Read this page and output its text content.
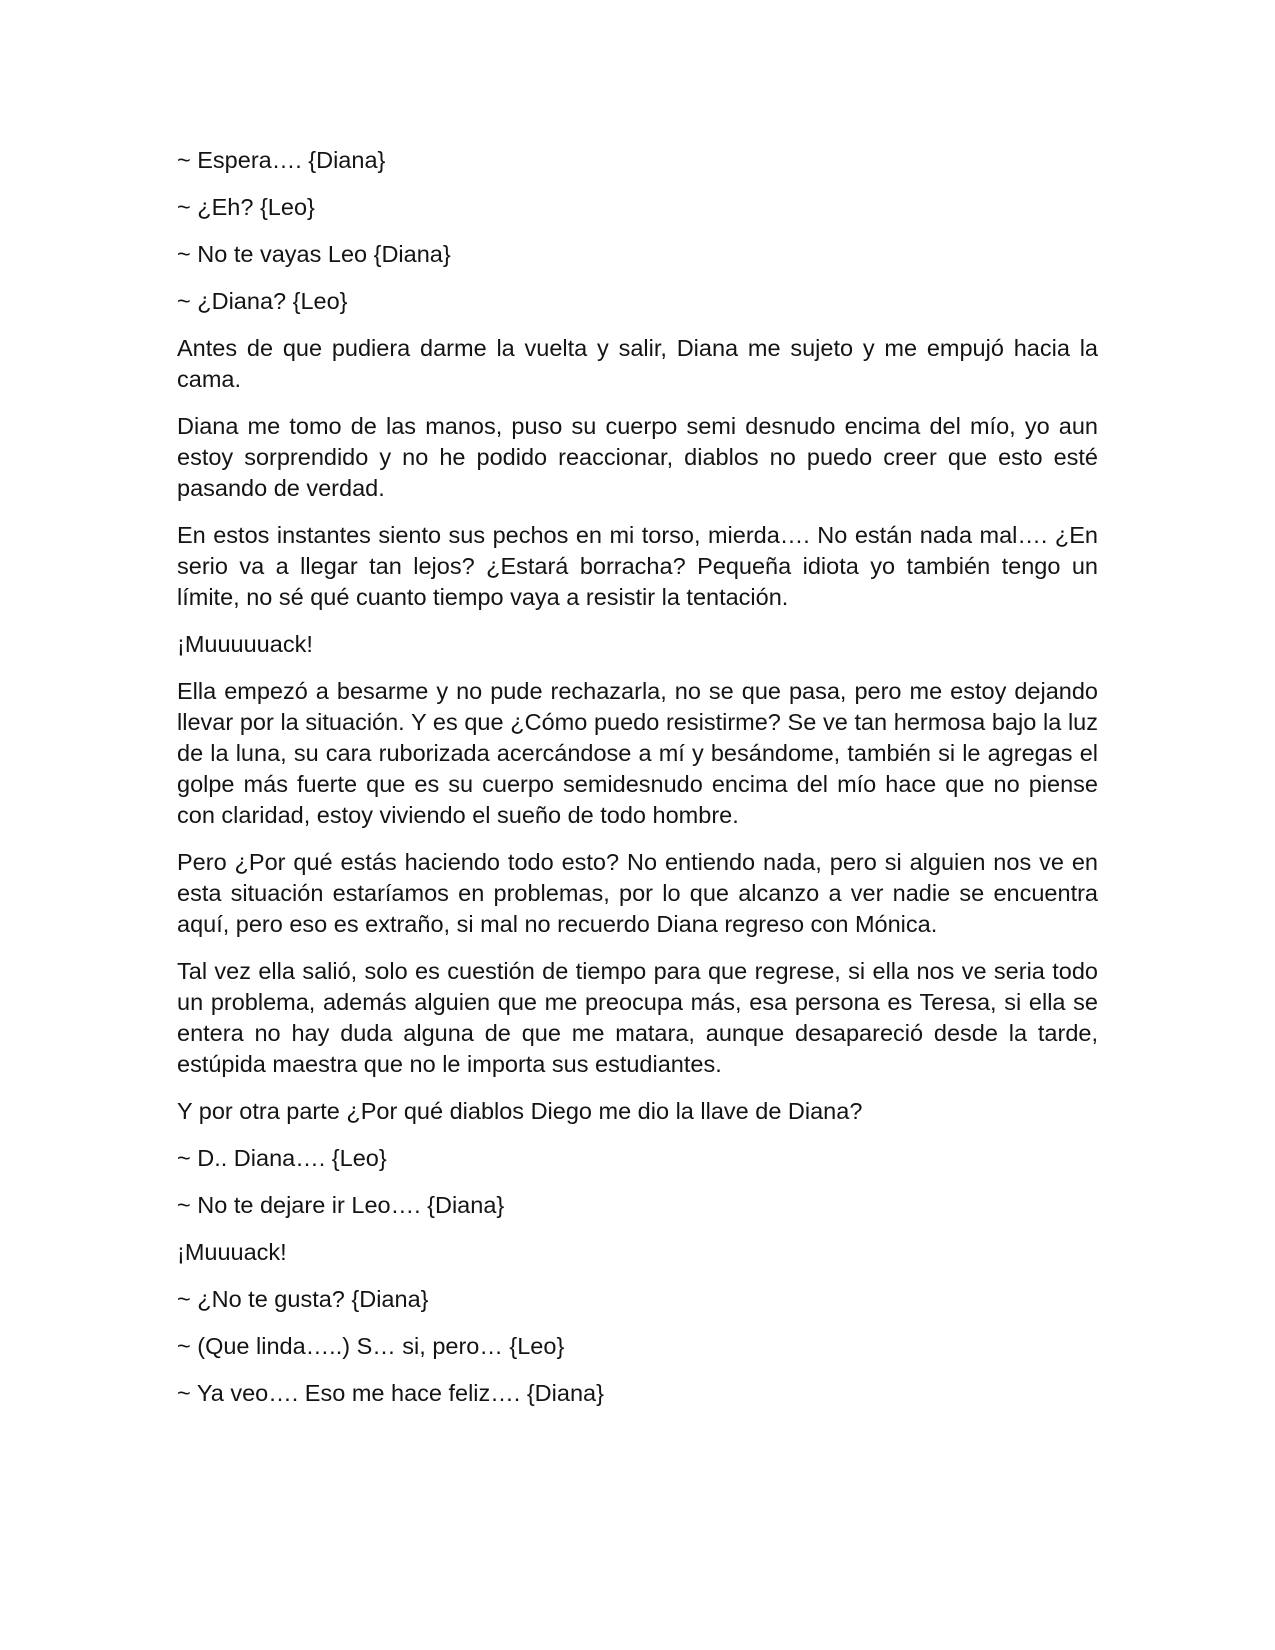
~ Espera…. {Diana}

~ ¿Eh? {Leo}

~ No te vayas Leo {Diana}

~ ¿Diana? {Leo}

Antes de que pudiera darme la vuelta y salir, Diana me sujeto y me empujó hacia la cama.

Diana me tomo de las manos, puso su cuerpo semi desnudo encima del mío, yo aun estoy sorprendido y no he podido reaccionar, diablos no puedo creer que esto esté pasando de verdad.

En estos instantes siento sus pechos en mi torso, mierda…. No están nada mal…. ¿En serio va a llegar tan lejos? ¿Estará borracha? Pequeña idiota yo también tengo un límite, no sé qué cuanto tiempo vaya a resistir la tentación.

¡Muuuuuack!

Ella empezó a besarme y no pude rechazarla, no se que pasa, pero me estoy dejando llevar por la situación. Y es que ¿Cómo puedo resistirme? Se ve tan hermosa bajo la luz de la luna, su cara ruborizada acercándose a mí y besándome, también si le agregas el golpe más fuerte que es su cuerpo semidesnudo encima del mío hace que no piense con claridad, estoy viviendo el sueño de todo hombre.

Pero ¿Por qué estás haciendo todo esto? No entiendo nada, pero si alguien nos ve en esta situación estaríamos en problemas, por lo que alcanzo a ver nadie se encuentra aquí, pero eso es extraño, si mal no recuerdo Diana regreso con Mónica.

Tal vez ella salió, solo es cuestión de tiempo para que regrese, si ella nos ve seria todo un problema, además alguien que me preocupa más, esa persona es Teresa, si ella se entera no hay duda alguna de que me matara, aunque desapareció desde la tarde, estúpida maestra que no le importa sus estudiantes.

Y por otra parte ¿Por qué diablos Diego me dio la llave de Diana?

~ D.. Diana…. {Leo}

~ No te dejare ir Leo…. {Diana}

¡Muuuack!

~ ¿No te gusta? {Diana}

~ (Que linda…..) S… si, pero… {Leo}

~ Ya veo…. Eso me hace feliz…. {Diana}
